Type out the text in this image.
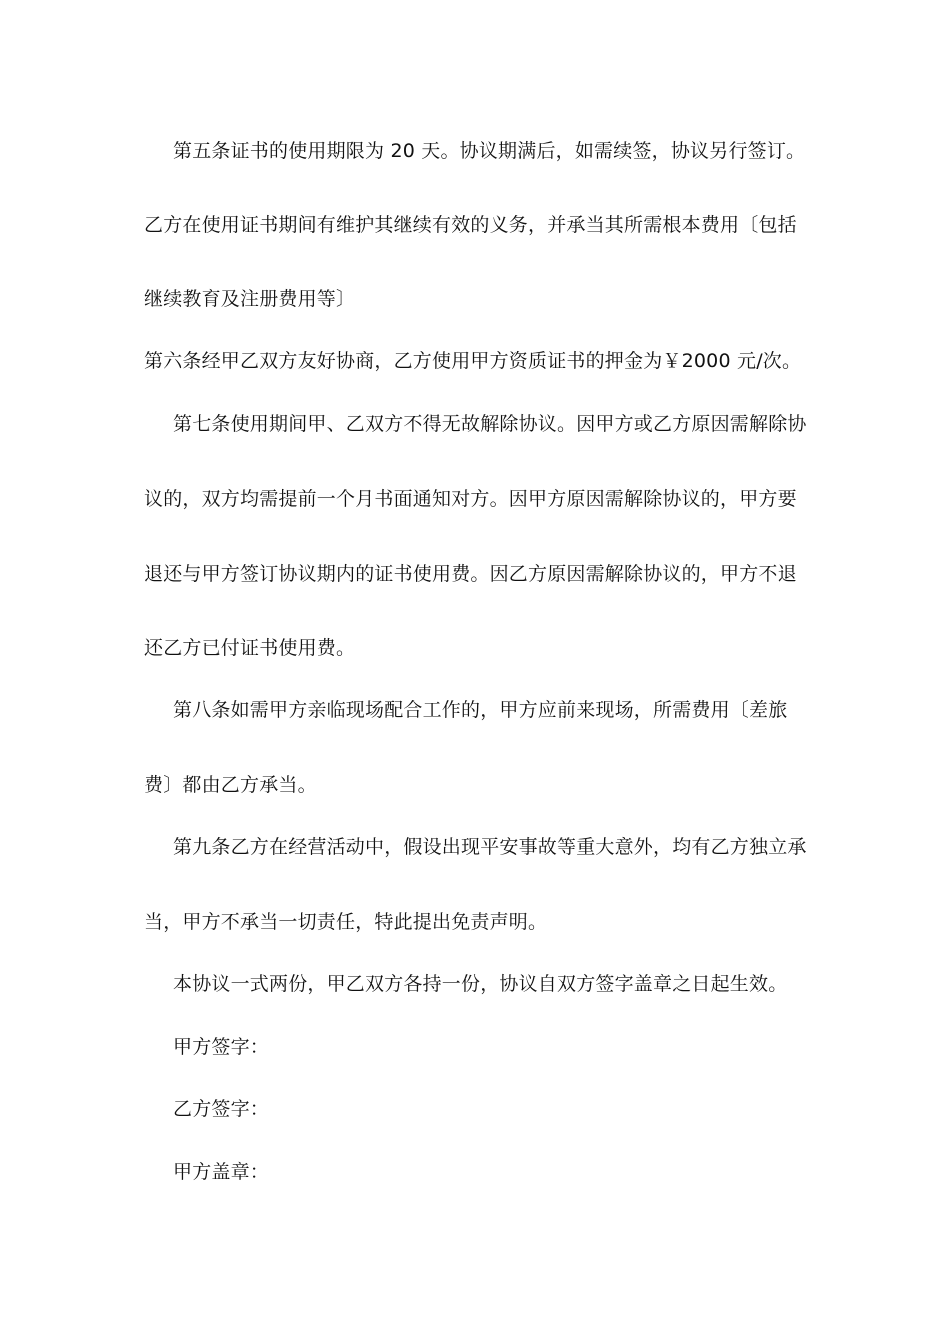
第五条证书的使用期限为 20 天。协议期满后，如需续签，协议另行签订。
乙方在使用证书期间有维护其继续有效的义务，并承当其所需根本费用〔包括
继续教育及注册费用等〕
第六条经甲乙双方友好协商，乙方使用甲方资质证书的押金为￥2000 元/次。
第七条使用期间甲、乙双方不得无故解除协议。因甲方或乙方原因需解除协
议的，双方均需提前一个月书面通知对方。因甲方原因需解除协议的，甲方要
退还与甲方签订协议期内的证书使用费。因乙方原因需解除协议的，甲方不退
还乙方已付证书使用费。
第八条如需甲方亲临现场配合工作的，甲方应前来现场，所需费用〔差旅
费〕都由乙方承当。
第九条乙方在经营活动中，假设出现平安事故等重大意外，均有乙方独立承
当，甲方不承当一切责任，特此提出免责声明。
本协议一式两份，甲乙双方各持一份，协议自双方签字盖章之日起生效。
甲方签字：
乙方签字：
甲方盖章：
